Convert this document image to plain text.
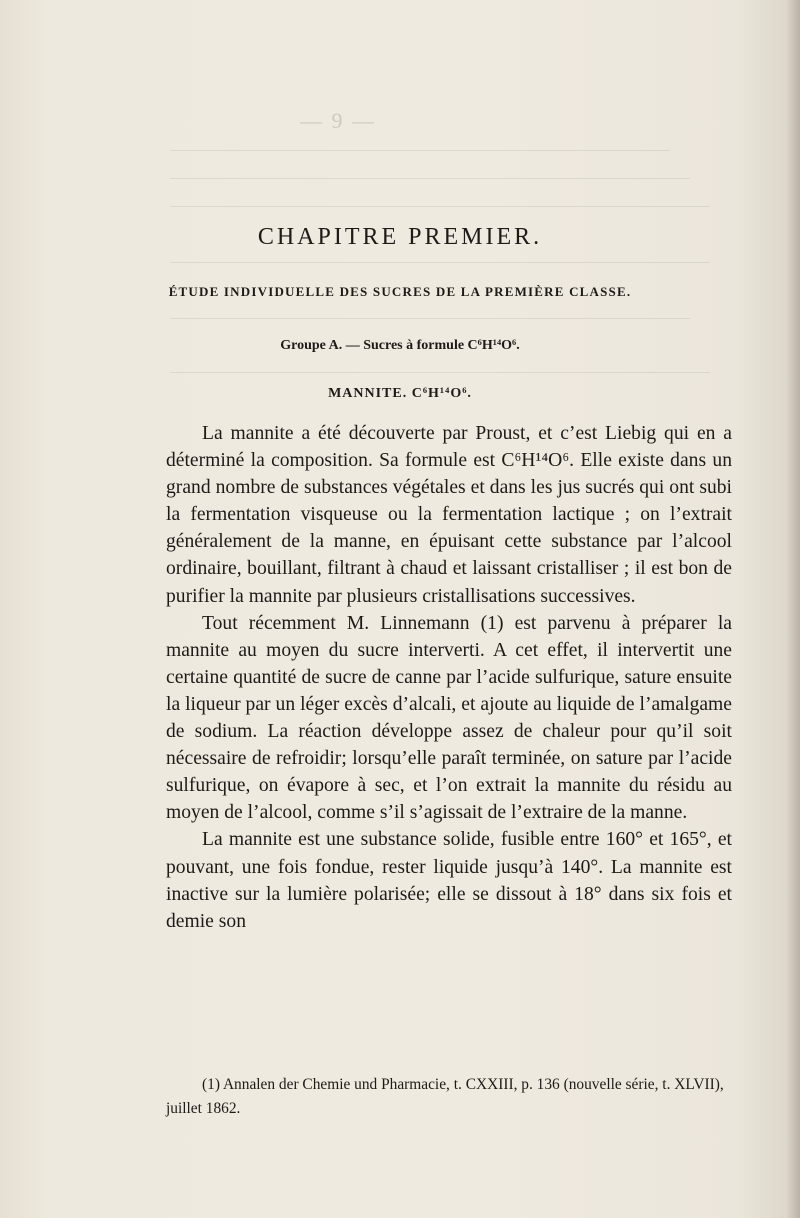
— 9 —
CHAPITRE PREMIER.
ÉTUDE INDIVIDUELLE DES SUCRES DE LA PREMIÈRE CLASSE.
Groupe A. — Sucres à formule C⁶H¹⁴O⁶.
MANNITE. C⁶H¹⁴O⁶.

La mannite a été découverte par Proust, et c’est Liebig qui en a déterminé la composition. Sa formule est C⁶H¹⁴O⁶. Elle existe dans un grand nombre de substances végétales et dans les jus sucrés qui ont subi la fermentation visqueuse ou la fermentation lactique ; on l’extrait généralement de la manne, en épuisant cette substance par l’alcool ordinaire, bouillant, filtrant à chaud et laissant cristalliser ; il est bon de purifier la mannite par plusieurs cristallisations successives.

Tout récemment M. Linnemann (1) est parvenu à préparer la mannite au moyen du sucre interverti. A cet effet, il intervertit une certaine quantité de sucre de canne par l’acide sulfurique, sature ensuite la liqueur par un léger excès d’alcali, et ajoute au liquide de l’amalgame de sodium. La réaction développe assez de chaleur pour qu’il soit nécessaire de refroidir; lorsqu’elle paraît terminée, on sature par l’acide sulfurique, on évapore à sec, et l’on extrait la mannite du résidu au moyen de l’alcool, comme s’il s’agissait de l’extraire de la manne.

La mannite est une substance solide, fusible entre 160° et 165°, et pouvant, une fois fondue, rester liquide jusqu’à 140°. La mannite est inactive sur la lumière polarisée; elle se dissout à 18° dans six fois et demie son

(1) Annalen der Chemie und Pharmacie, t. CXXIII, p. 136 (nouvelle série, t. XLVII), juillet 1862.
